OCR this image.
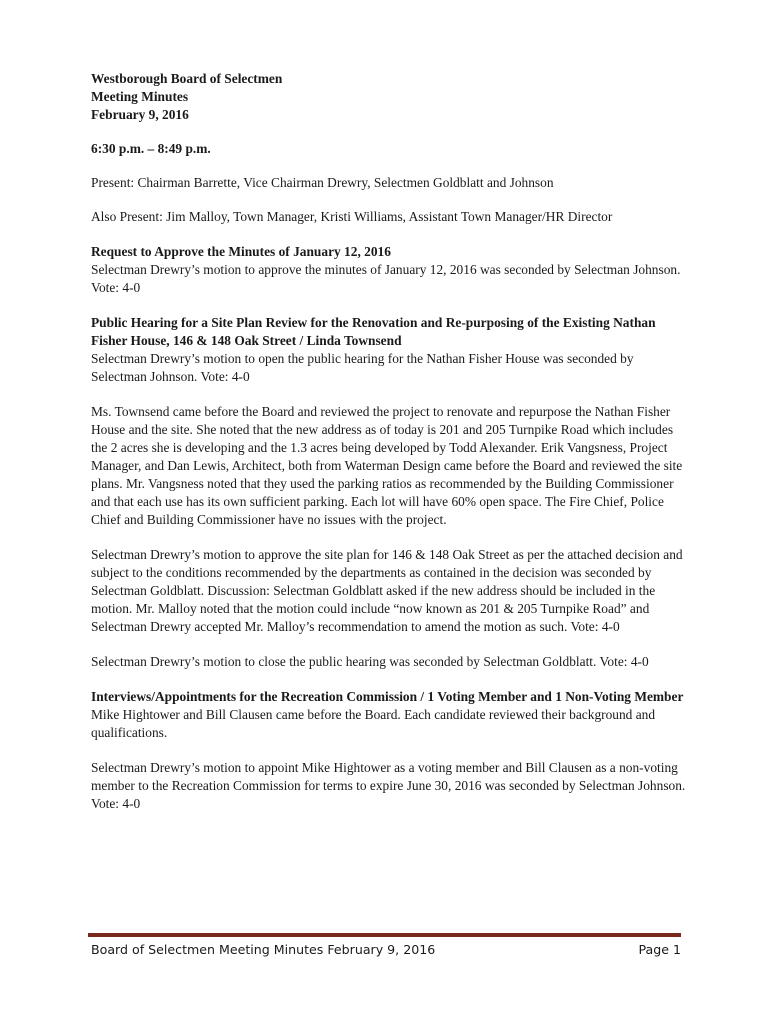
Westborough Board of Selectmen

Meeting Minutes

February 9, 2016

6:30 p.m. – 8:49 p.m.

Present: Chairman Barrette, Vice Chairman Drewry, Selectmen Goldblatt and Johnson

Also Present: Jim Malloy, Town Manager, Kristi Williams, Assistant Town Manager/HR Director

Request to Approve the Minutes of January 12, 2016

Selectman Drewry’s motion to approve the minutes of January 12, 2016 was seconded by Selectman Johnson. Vote: 4-0

Public Hearing for a Site Plan Review for the Renovation and Re-purposing of the Existing Nathan Fisher House, 146 & 148 Oak Street / Linda Townsend

Selectman Drewry’s motion to open the public hearing for the Nathan Fisher House was seconded by Selectman Johnson. Vote: 4-0

Ms. Townsend came before the Board and reviewed the project to renovate and repurpose the Nathan Fisher House and the site. She noted that the new address as of today is 201 and 205 Turnpike Road which includes the 2 acres she is developing and the 1.3 acres being developed by Todd Alexander. Erik Vangsness, Project Manager, and Dan Lewis, Architect, both from Waterman Design came before the Board and reviewed the site plans. Mr. Vangsness noted that they used the parking ratios as recommended by the Building Commissioner and that each use has its own sufficient parking. Each lot will have 60% open space. The Fire Chief, Police Chief and Building Commissioner have no issues with the project.

Selectman Drewry’s motion to approve the site plan for 146 & 148 Oak Street as per the attached decision and subject to the conditions recommended by the departments as contained in the decision was seconded by Selectman Goldblatt. Discussion: Selectman Goldblatt asked if the new address should be included in the motion. Mr. Malloy noted that the motion could include “now known as 201 & 205 Turnpike Road” and Selectman Drewry accepted Mr. Malloy’s recommendation to amend the motion as such. Vote: 4-0

Selectman Drewry’s motion to close the public hearing was seconded by Selectman Goldblatt. Vote: 4-0

Interviews/Appointments for the Recreation Commission / 1 Voting Member and 1 Non-Voting Member

Mike Hightower and Bill Clausen came before the Board. Each candidate reviewed their background and qualifications.

Selectman Drewry’s motion to appoint Mike Hightower as a voting member and Bill Clausen as a non-voting member to the Recreation Commission for terms to expire June 30, 2016 was seconded by Selectman Johnson. Vote: 4-0

Board of Selectmen Meeting Minutes February 9, 2016	Page 1
